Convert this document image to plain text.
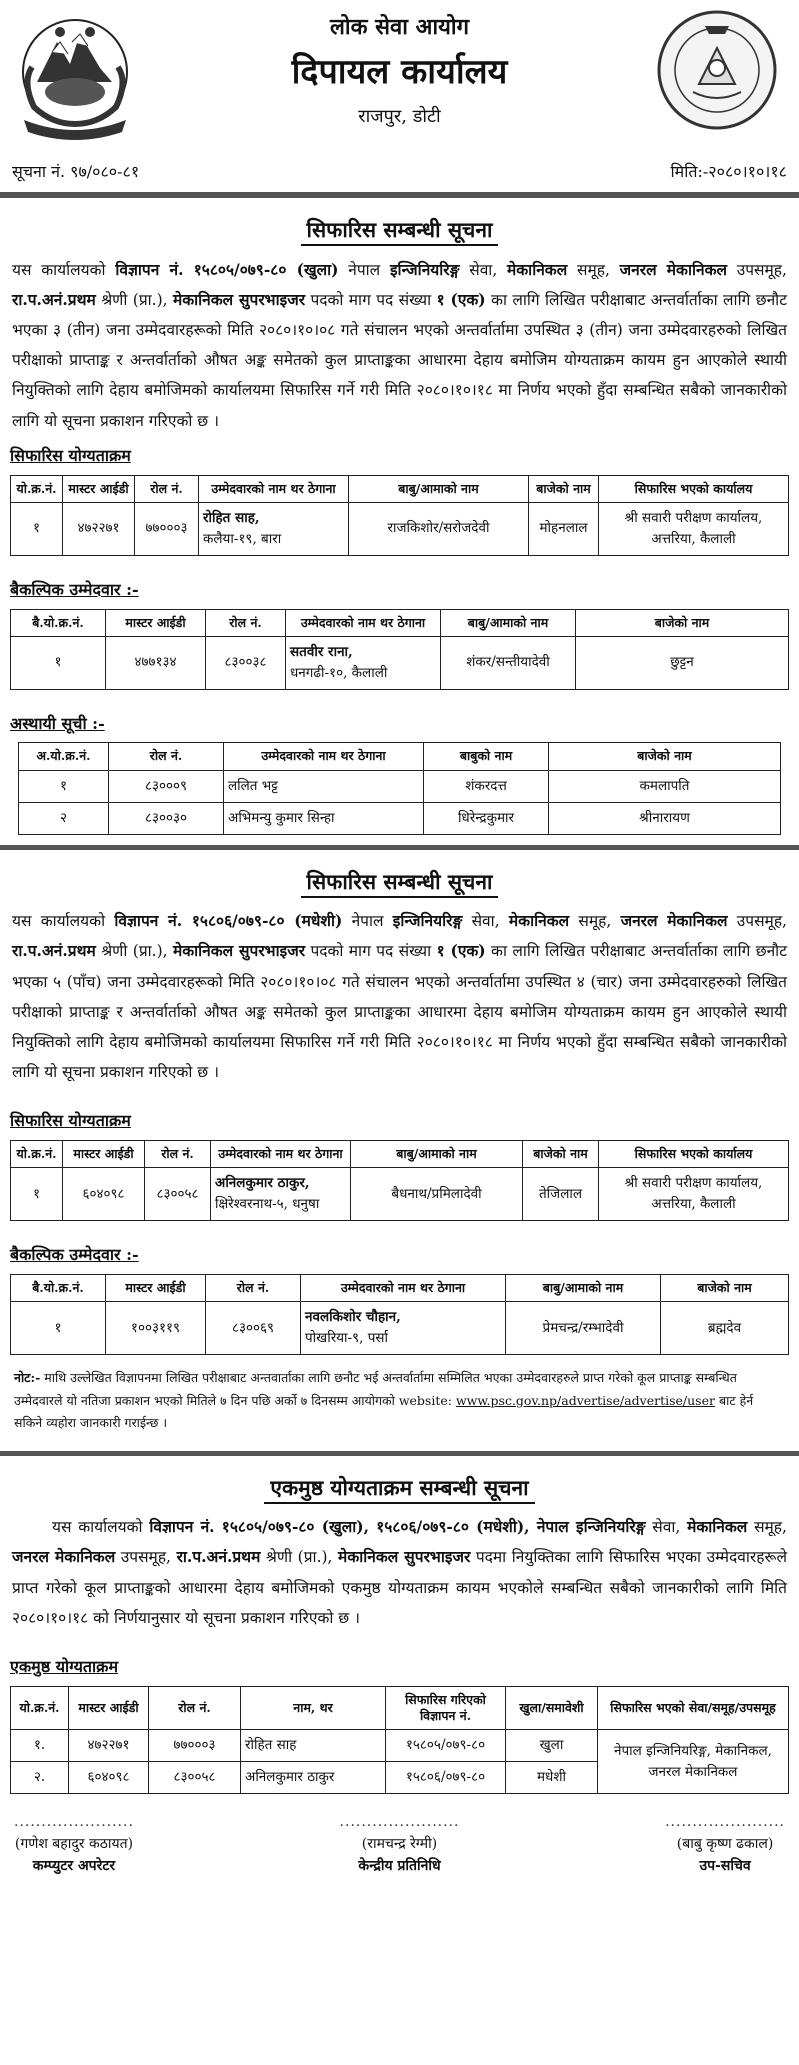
लोक सेवा आयोग
दिपायल कार्यालय
राजपुर, डोटी
सूचना नं. ९७/०८०-८१	मिति:-२०८०।१०।१८
सिफारिस सम्बन्धी सूचना

यस कार्यालयको विज्ञापन नं. १५८०५/०७९-८० (खुला) नेपाल इन्जिनियरिङ्ग सेवा, मेकानिकल समूह, जनरल मेकानिकल उपसमूह, रा.प.अनं.प्रथम श्रेणी (प्रा.), मेकानिकल सुपरभाइजर पदको माग पद संख्या १ (एक) का लागि लिखित परीक्षाबाट अन्तर्वार्ताका लागि छनौट भएका ३ (तीन) जना उम्मेदवारहरूको मिति २०८०।१०।०८ गते संचालन भएको अन्तर्वार्तामा उपस्थित ३ (तीन) जना उम्मेदवारहरुको लिखित परीक्षाको प्राप्ताङ्क र अन्तर्वार्ताको औषत अङ्क समेतको कुल प्राप्ताङ्कका आधारमा देहाय बमोजिम योग्यताक्रम कायम हुन आएकोले स्थायी नियुक्तिको लागि देहाय बमोजिमको कार्यालयमा सिफारिस गर्ने गरी मिति २०८०।१०।१८ मा निर्णय भएको हुँदा सम्बन्धित सबैको जानकारीको लागि यो सूचना प्रकाशन गरिएको छ ।

सिफारिस योग्यताक्रम
यो.क्र.नं.	मास्टर आईडी	रोल नं.	उम्मेदवारको नाम थर ठेगाना	बाबु/आमाको नाम	बाजेको नाम	सिफारिस भएको कार्यालय
१	४७२२७१	७७०००३	रोहित साह,
कलैया-१९, बारा	राजकिशोर/सरोजदेवी	मोहनलाल	श्री सवारी परीक्षण कार्यालय, अत्तरिया, कैलाली
बैकल्पिक उम्मेदवार :-
बै.यो.क्र.नं.	मास्टर आईडी	रोल नं.	उम्मेदवारको नाम थर ठेगाना	बाबु/आमाको नाम	बाजेको नाम
१	४७७१३४	८३००३८	सतवीर राना,
धनगढी-१०, कैलाली	शंकर/सन्तीयादेवी	छुट्टन
अस्थायी सूची :-
अ.यो.क्र.नं.	रोल नं.	उम्मेदवारको नाम थर ठेगाना	बाबुको नाम	बाजेको नाम
१	८३०००९	ललित भट्ट	शंकरदत्त	कमलापति
२	८३००३०	अभिमन्यु कुमार सिन्हा	धिरेन्द्रकुमार	श्रीनारायण
सिफारिस सम्बन्धी सूचना

यस कार्यालयको विज्ञापन नं. १५८०६/०७९-८० (मधेशी) नेपाल इन्जिनियरिङ्ग सेवा, मेकानिकल समूह, जनरल मेकानिकल उपसमूह, रा.प.अनं.प्रथम श्रेणी (प्रा.), मेकानिकल सुपरभाइजर पदको माग पद संख्या १ (एक) का लागि लिखित परीक्षाबाट अन्तर्वार्ताका लागि छनौट भएका ५ (पाँच) जना उम्मेदवारहरूको मिति २०८०।१०।०८ गते संचालन भएको अन्तर्वार्तामा उपस्थित ४ (चार) जना उम्मेदवारहरुको लिखित परीक्षाको प्राप्ताङ्क र अन्तर्वार्ताको औषत अङ्क समेतको कुल प्राप्ताङ्कका आधारमा देहाय बमोजिम योग्यताक्रम कायम हुन आएकोले स्थायी नियुक्तिको लागि देहाय बमोजिमको कार्यालयमा सिफारिस गर्ने गरी मिति २०८०।१०।१८ मा निर्णय भएको हुँदा सम्बन्धित सबैको जानकारीको लागि यो सूचना प्रकाशन गरिएको छ ।

सिफारिस योग्यताक्रम
यो.क्र.नं.	मास्टर आईडी	रोल नं.	उम्मेदवारको नाम थर ठेगाना	बाबु/आमाको नाम	बाजेको नाम	सिफारिस भएको कार्यालय
१	६०४०९८	८३००५८	अनिलकुमार ठाकुर,
क्षिरेश्वरनाथ-५, धनुषा	बैधनाथ/प्रमिलादेवी	तेजिलाल	श्री सवारी परीक्षण कार्यालय, अत्तरिया, कैलाली
बैकल्पिक उम्मेदवार :-
बै.यो.क्र.नं.	मास्टर आईडी	रोल नं.	उम्मेदवारको नाम थर ठेगाना	बाबु/आमाको नाम	बाजेको नाम
१	१००३११९	८३००६९	नवलकिशोर चौहान,
पोखरिया-९, पर्सा	प्रेमचन्द्र/रम्भादेवी	ब्रह्मदेव

नोट:- माथि उल्लेखित विज्ञापनमा लिखित परीक्षाबाट अन्तवार्ताका लागि छनौट भई अन्तर्वार्तामा सम्मिलित भएका उम्मेदवारहरुले प्राप्त गरेको कूल प्राप्ताङ्क सम्बन्धित उम्मेदवारले यो नतिजा प्रकाशन भएको मितिले ७ दिन पछि अर्को ७ दिनसम्म आयोगको website: www.psc.gov.np/advertise/advertise/user बाट हेर्न सकिने व्यहोरा जानकारी गराईन्छ ।

एकमुष्ठ योग्यताक्रम सम्बन्धी सूचना

यस कार्यालयको विज्ञापन नं. १५८०५/०७९-८० (खुला), १५८०६/०७९-८० (मधेशी), नेपाल इन्जिनियरिङ्ग सेवा, मेकानिकल समूह, जनरल मेकानिकल उपसमूह, रा.प.अनं.प्रथम श्रेणी (प्रा.), मेकानिकल सुपरभाइजर पदमा नियुक्तिका लागि सिफारिस भएका उम्मेदवारहरूले प्राप्त गरेको कूल प्राप्ताङ्कको आधारमा देहाय बमोजिमको एकमुष्ठ योग्यताक्रम कायम भएकोले सम्बन्धित सबैको जानकारीको लागि मिति २०८०।१०।१८ को निर्णयानुसार यो सूचना प्रकाशन गरिएको छ ।

एकमुष्ठ योग्यताक्रम
यो.क्र.नं.	मास्टर आईडी	रोल नं.	नाम, थर	सिफारिस गरिएको विज्ञापन नं.	खुला/समावेशी	सिफारिस भएको सेवा/समूह/उपसमूह
१.	४७२२७१	७७०००३	रोहित साह	१५८०५/०७९-८०	खुला	नेपाल इन्जिनियरिङ्ग, मेकानिकल, जनरल मेकानिकल
२.	६०४०९८	८३००५८	अनिलकुमार ठाकुर	१५८०६/०७९-८०	मधेशी	
......................
(गणेश बहादुर कठायत)
कम्प्युटर अपरेटर
......................
(रामचन्द्र रेग्मी)
केन्द्रीय प्रतिनिधि
......................
(बाबु कृष्ण ढकाल)
उप-सचिव
